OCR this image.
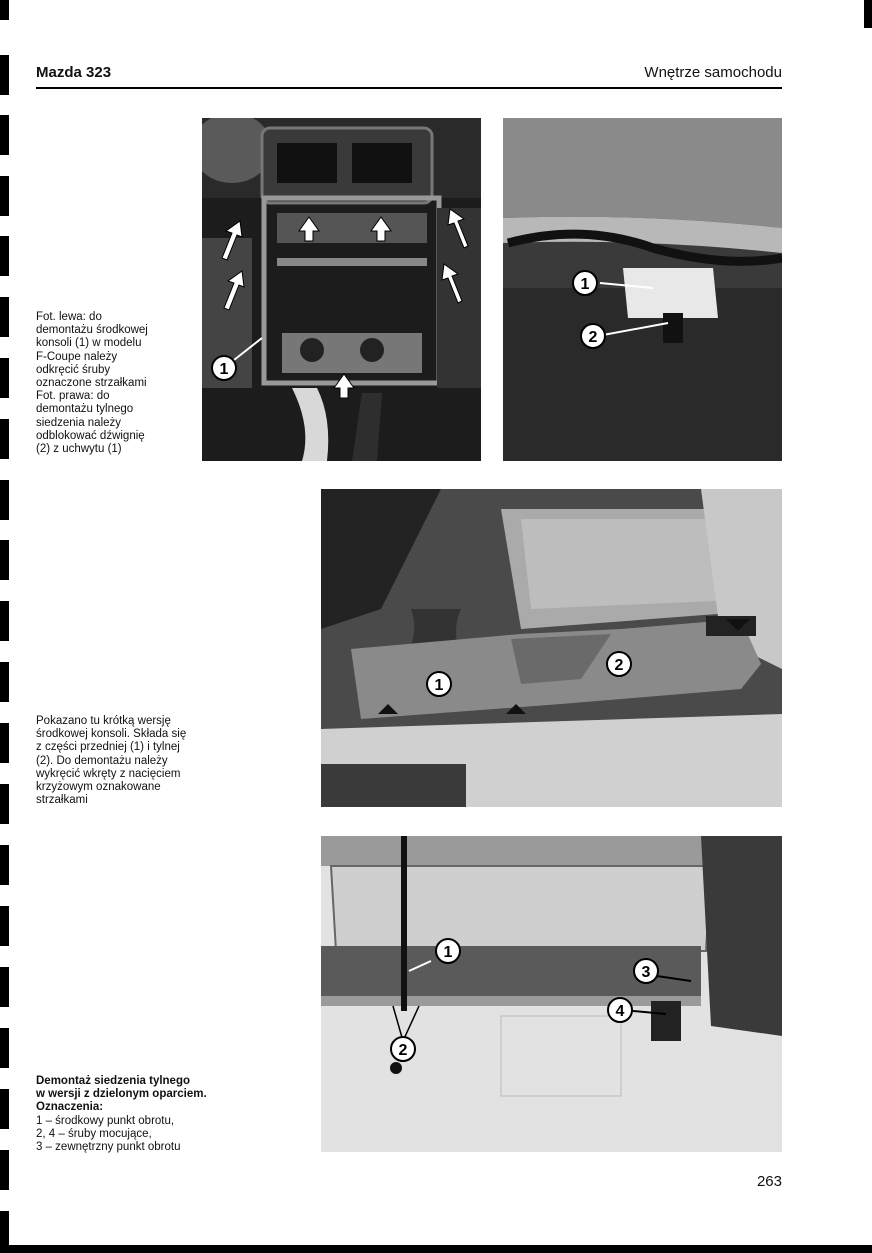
Mazda 323	Wnętrze samochodu
Fot. lewa: do
demontażu środkowej
konsoli (1) w modelu
F-Coupe należy
odkręcić śruby
oznaczone strzałkami
Fot. prawa: do
demontażu tylnego
siedzenia należy
odblokować dźwignię
(2) z uchwytu (1)
Pokazano tu krótką wersję
środkowej konsoli. Składa się
z części przedniej (1) i tylnej
(2). Do demontażu należy
wykręcić wkręty z nacięciem
krzyżowym oznakowane
strzałkami
Demontaż siedzenia tylnego
w wersji z dzielonym oparciem.
Oznaczenia:
1 – środkowy punkt obrotu,
2, 4 – śruby mocujące,
3 – zewnętrzny punkt obrotu
1
1
2
1
2
1
2
3
4
263
